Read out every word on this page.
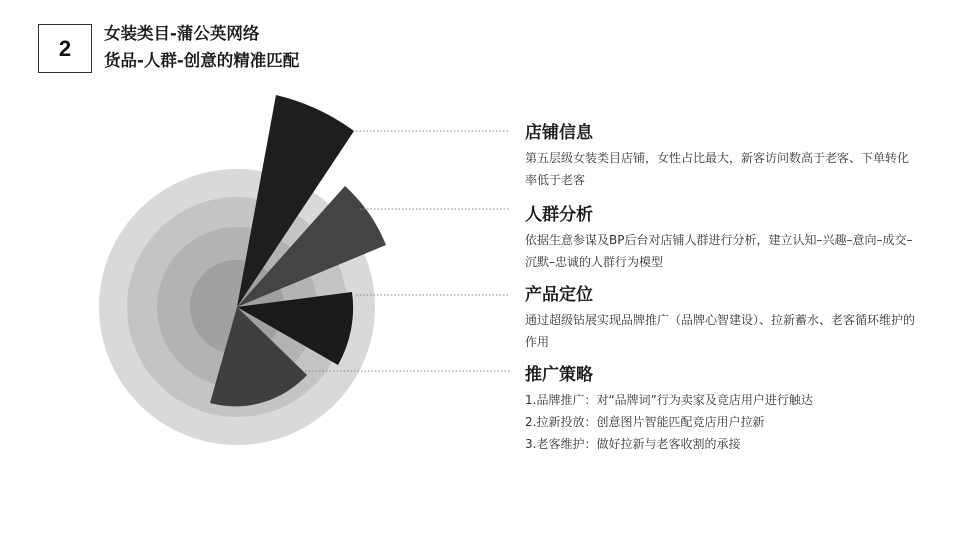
2
女装类目-蒲公英网络
货品-人群-创意的精准匹配
店铺信息

第五层级女装类目店铺，女性占比最大，新客访问数高于老客、下单转化率低于老客

人群分析

依据生意参谋及BP后台对店铺人群进行分析，建立认知–兴趣–意向–成交–沉默–忠诚的人群行为模型

产品定位

通过超级钻展实现品牌推广（品牌心智建设）、拉新蓄水、老客循环维护的作用

推广策略

1.品牌推广：对“品牌词”行为卖家及竞店用户进行触达
2.拉新投放：创意图片智能匹配竞店用户拉新
3.老客维护：做好拉新与老客收割的承接
